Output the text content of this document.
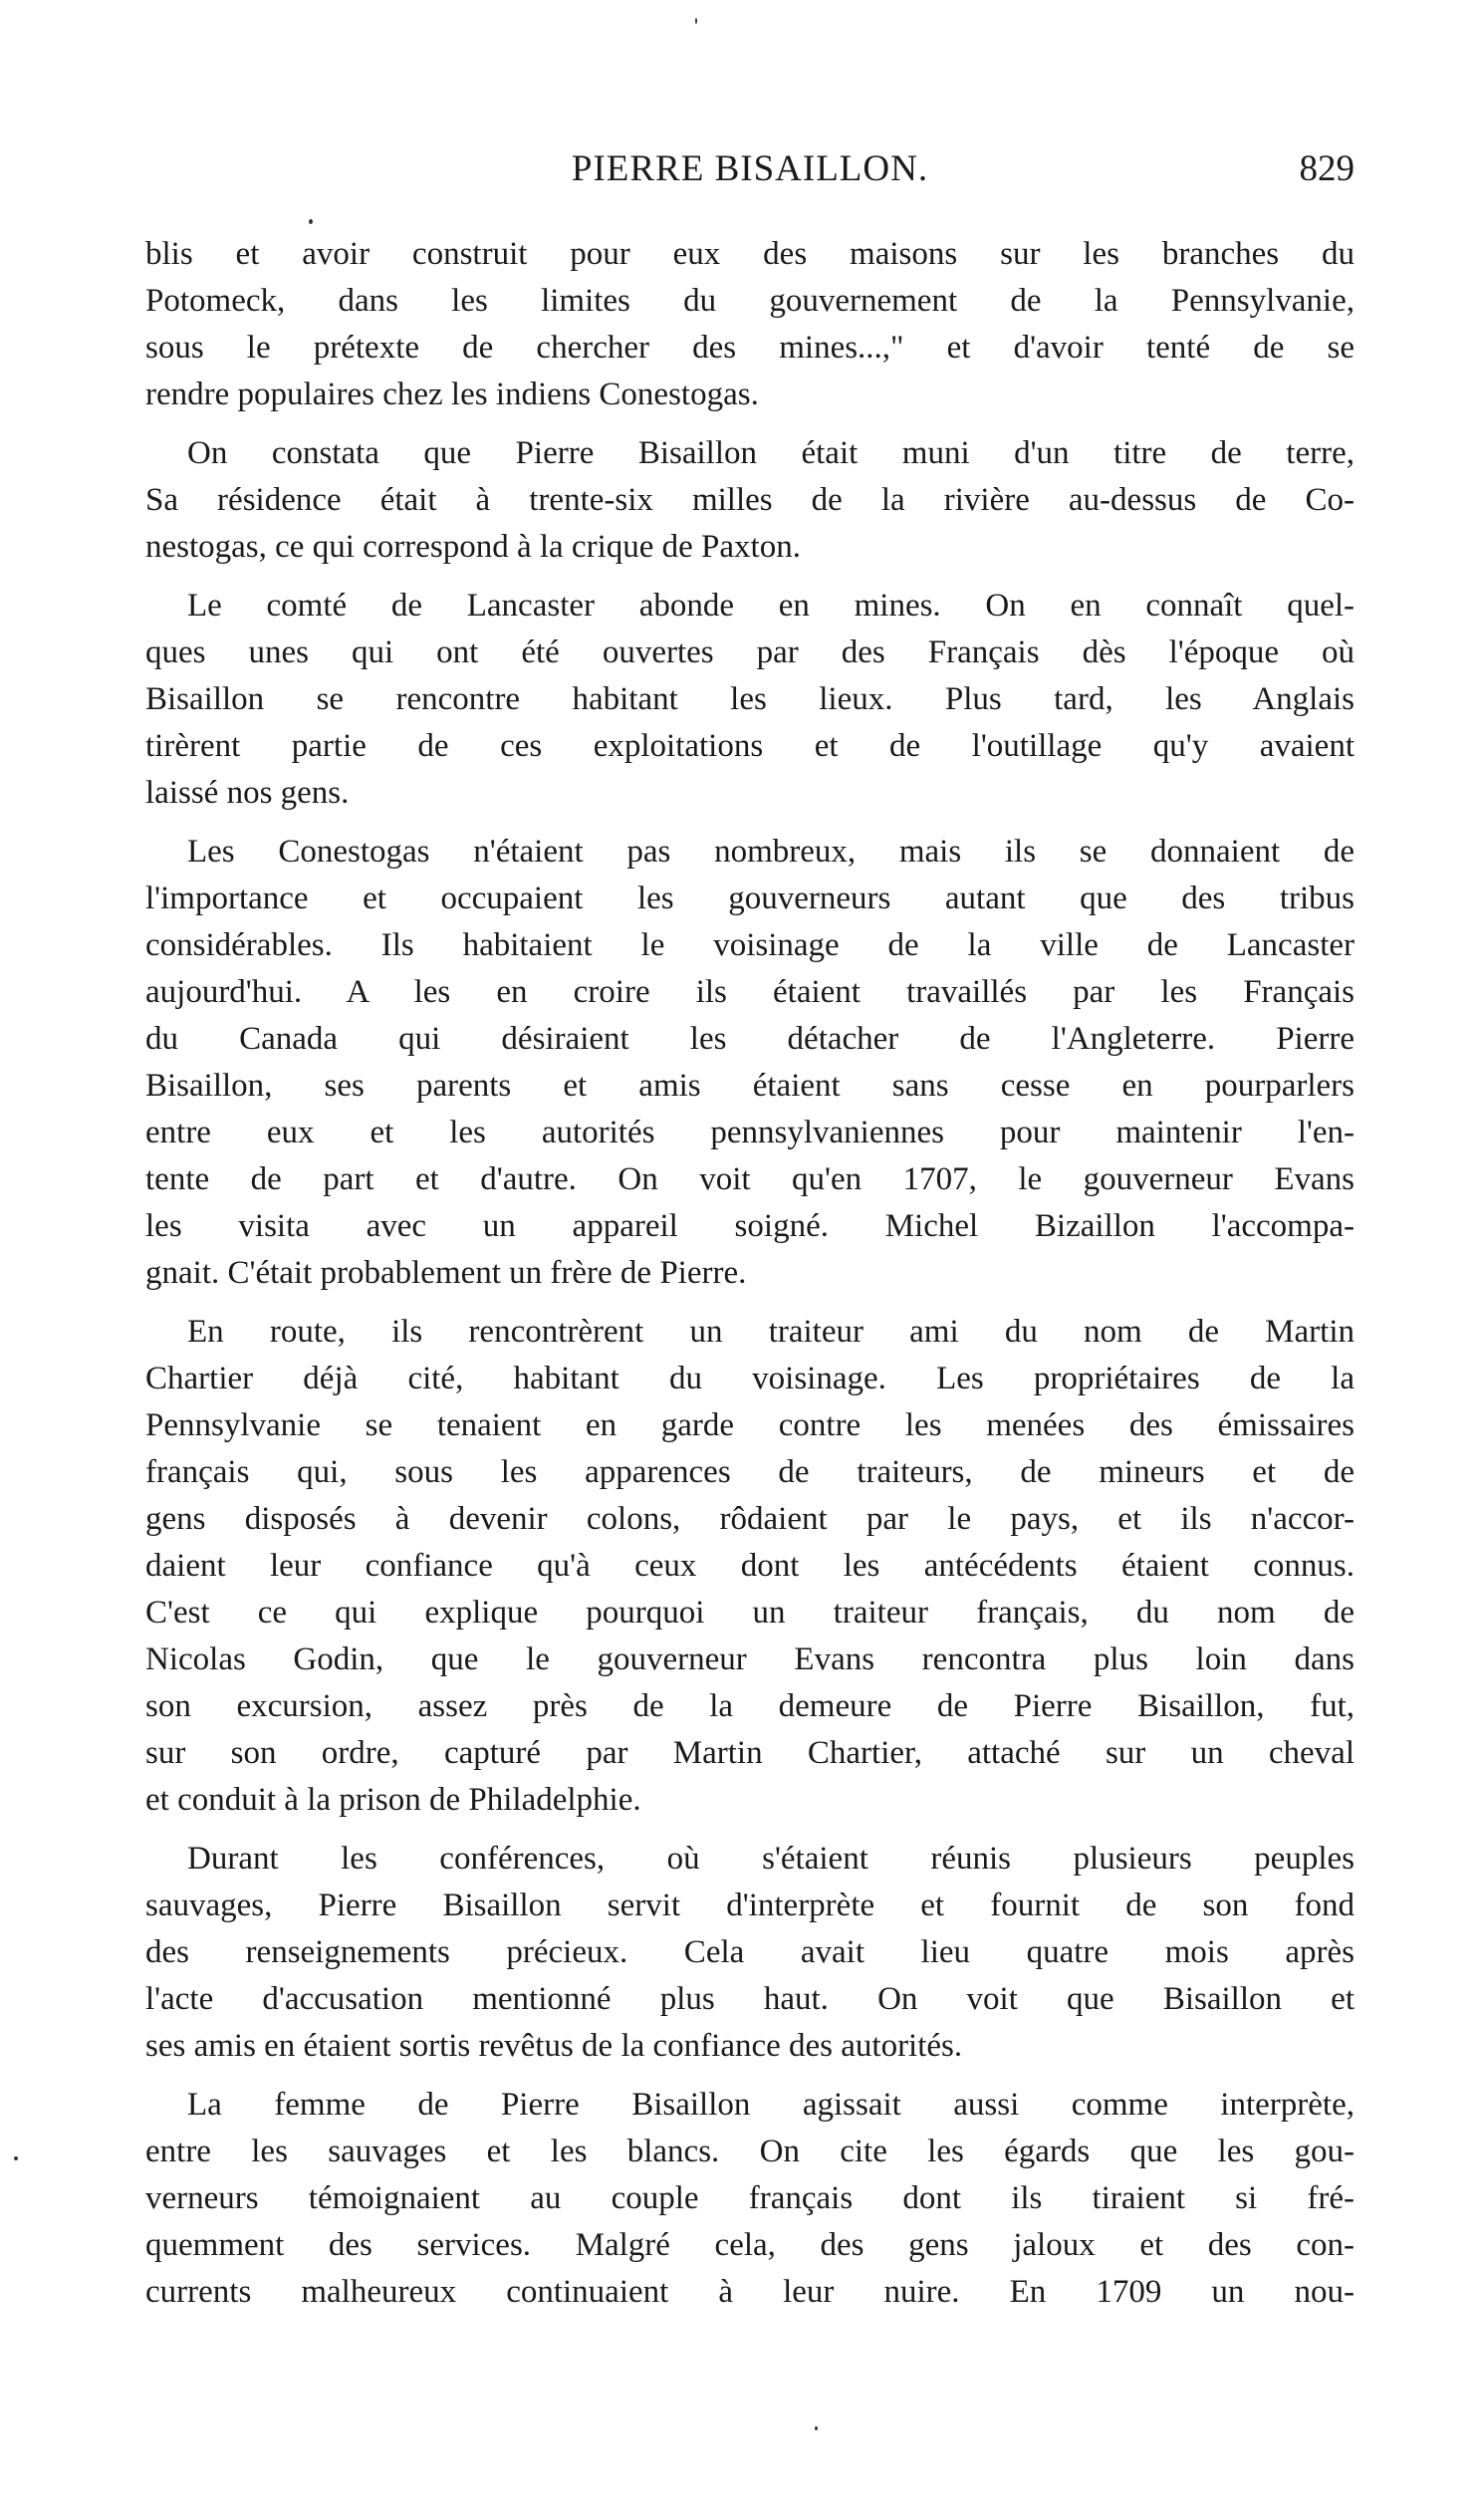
PIERRE BISAILLON.	829
blis et avoir construit pour eux des maisons sur les branches du
Potomeck, dans les limites du gouvernement de la Pennsylvanie,
sous le prétexte de chercher des mines...," et d'avoir tenté de se
rendre populaires chez les indiens Conestogas.
On constata que Pierre Bisaillon était muni d'un titre de terre,
Sa résidence était à trente-six milles de la rivière au-dessus de Co-
nestogas, ce qui correspond à la crique de Paxton.
Le comté de Lancaster abonde en mines. On en connaît quel-
ques unes qui ont été ouvertes par des Français dès l'époque où
Bisaillon se rencontre habitant les lieux. Plus tard, les Anglais
tirèrent partie de ces exploitations et de l'outillage qu'y avaient
laissé nos gens.
Les Conestogas n'étaient pas nombreux, mais ils se donnaient de
l'importance et occupaient les gouverneurs autant que des tribus
considérables. Ils habitaient le voisinage de la ville de Lancaster
aujourd'hui. A les en croire ils étaient travaillés par les Français
du Canada qui désiraient les détacher de l'Angleterre. Pierre
Bisaillon, ses parents et amis étaient sans cesse en pourparlers
entre eux et les autorités pennsylvaniennes pour maintenir l'en-
tente de part et d'autre. On voit qu'en 1707, le gouverneur Evans
les visita avec un appareil soigné. Michel Bizaillon l'accompa-
gnait. C'était probablement un frère de Pierre.
En route, ils rencontrèrent un traiteur ami du nom de Martin
Chartier déjà cité, habitant du voisinage. Les propriétaires de la
Pennsylvanie se tenaient en garde contre les menées des émissaires
français qui, sous les apparences de traiteurs, de mineurs et de
gens disposés à devenir colons, rôdaient par le pays, et ils n'accor-
daient leur confiance qu'à ceux dont les antécédents étaient connus.
C'est ce qui explique pourquoi un traiteur français, du nom de
Nicolas Godin, que le gouverneur Evans rencontra plus loin dans
son excursion, assez près de la demeure de Pierre Bisaillon, fut,
sur son ordre, capturé par Martin Chartier, attaché sur un cheval
et conduit à la prison de Philadelphie.
Durant les conférences, où s'étaient réunis plusieurs peuples
sauvages, Pierre Bisaillon servit d'interprète et fournit de son fond
des renseignements précieux. Cela avait lieu quatre mois après
l'acte d'accusation mentionné plus haut. On voit que Bisaillon et
ses amis en étaient sortis revêtus de la confiance des autorités.
La femme de Pierre Bisaillon agissait aussi comme interprète,
entre les sauvages et les blancs. On cite les égards que les gou-
verneurs témoignaient au couple français dont ils tiraient si fré-
quemment des services. Malgré cela, des gens jaloux et des con-
currents malheureux continuaient à leur nuire. En 1709 un nou-
